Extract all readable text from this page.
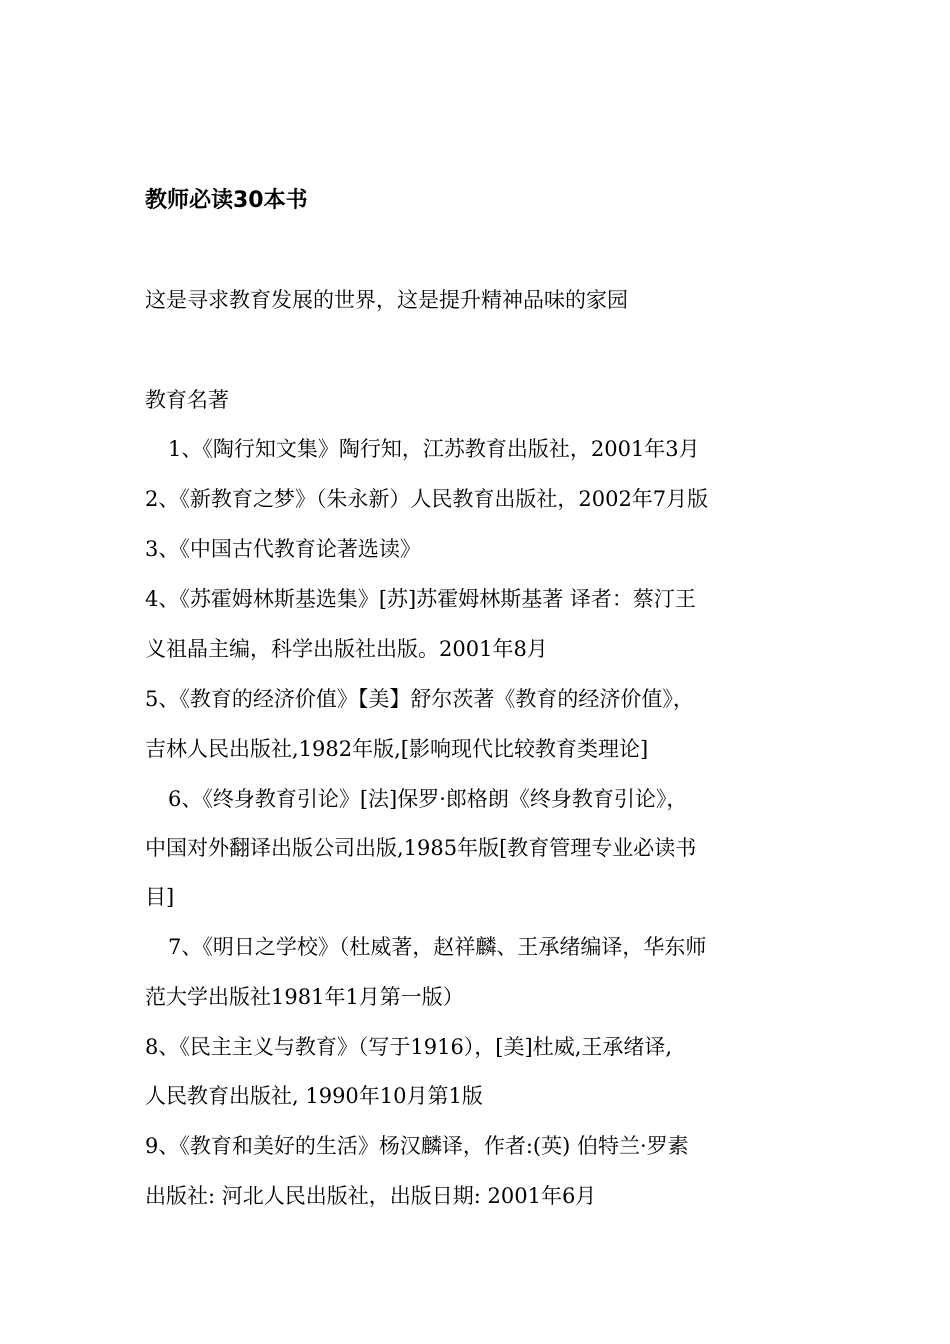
教师必读30本书
这是寻求教育发展的世界，这是提升精神品味的家园
教育名著
1、《陶行知文集》陶行知，江苏教育出版社，2001年3月
2、《新教育之梦》（朱永新）人民教育出版社，2002年7月版
3、《中国古代教育论著选读》
4、《苏霍姆林斯基选集》[苏]苏霍姆林斯基著 译者：蔡汀王
义祖晶主编，科学出版社出版。2001年8月
5、《教育的经济价值》【美】舒尔茨著《教育的经济价值》，
吉林人民出版社,1982年版,[影响现代比较教育类理论]
6、《终身教育引论》[法]保罗·郎格朗《终身教育引论》，
中国对外翻译出版公司出版,1985年版[教育管理专业必读书
目]
7、《明日之学校》（杜威著，赵祥麟、王承绪编译，华东师
范大学出版社1981年1月第一版）
8、《民主主义与教育》（写于1916），[美]杜威,王承绪译,
人民教育出版社, 1990年10月第1版
9、《教育和美好的生活》杨汉麟译，作者:(英) 伯特兰·罗素
出版社: 河北人民出版社，出版日期: 2001年6月
